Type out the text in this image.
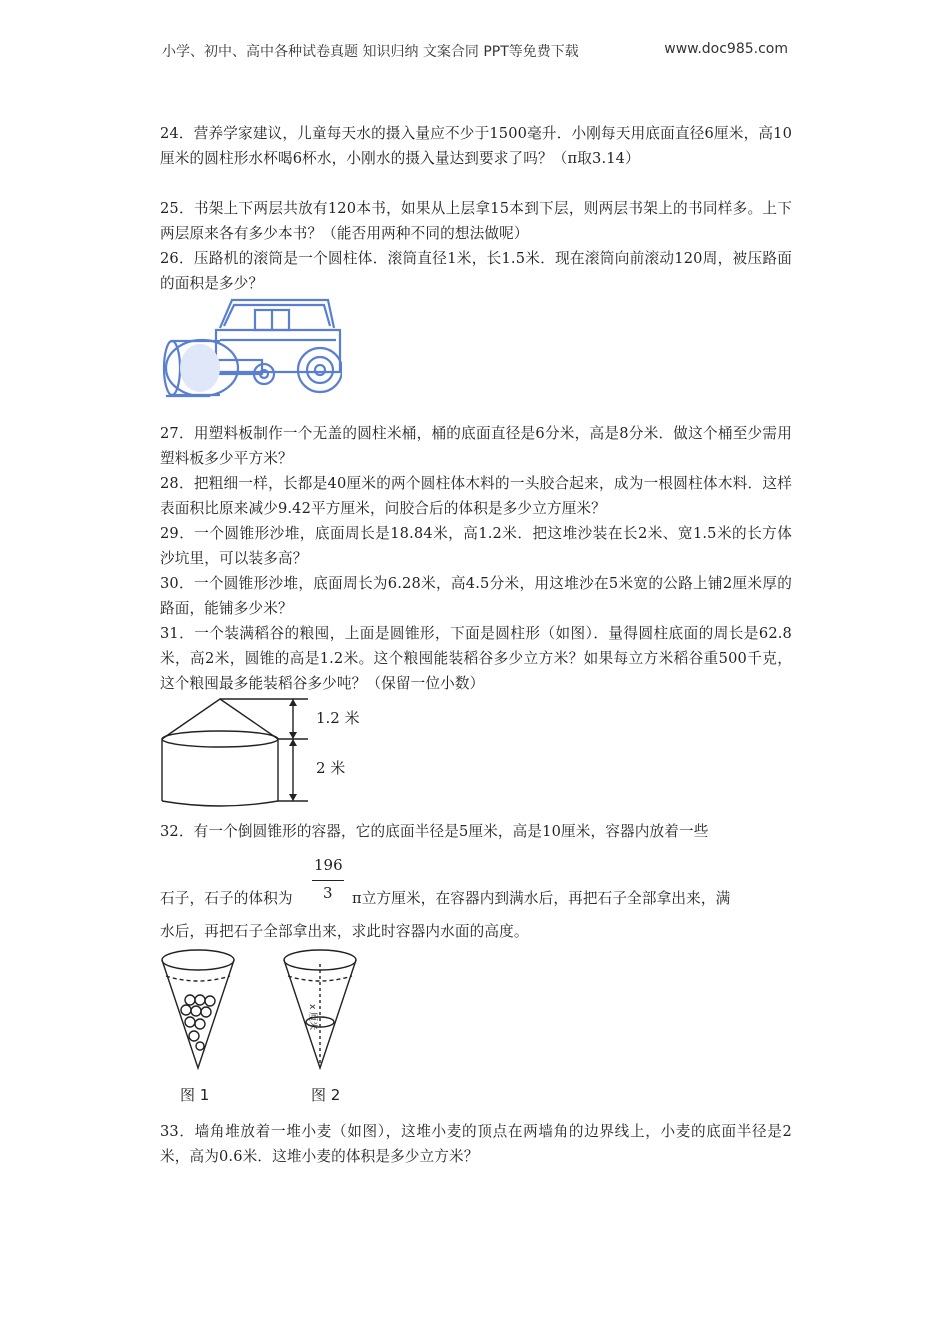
小学、初中、高中各种试卷真题 知识归纳 文案合同 PPT等免费下载	www.doc985.com
24．营养学家建议，儿童每天水的摄入量应不少于1500毫升．小刚每天用底面直径6厘米，高10厘米的圆柱形水杯喝6杯水，小刚水的摄入量达到要求了吗？（π取3.14）
25．书架上下两层共放有120本书，如果从上层拿15本到下层，则两层书架上的书同样多。上下两层原来各有多少本书？（能否用两种不同的想法做呢）
26．压路机的滚筒是一个圆柱体．滚筒直径1米，长1.5米．现在滚筒向前滚动120周，被压路面的面积是多少？
27．用塑料板制作一个无盖的圆柱米桶，桶的底面直径是6分米，高是8分米．做这个桶至少需用塑料板多少平方米？
28．把粗细一样，长都是40厘米的两个圆柱体木料的一头胶合起来，成为一根圆柱体木料．这样表面积比原来减少9.42平方厘米，问胶合后的体积是多少立方厘米？
29．一个圆锥形沙堆，底面周长是18.84米，高1.2米．把这堆沙装在长2米、宽1.5米的长方体沙坑里，可以装多高？
30．一个圆锥形沙堆，底面周长为6.28米，高4.5分米，用这堆沙在5米宽的公路上铺2厘米厚的路面，能铺多少米？
31．一个装满稻谷的粮囤，上面是圆锥形，下面是圆柱形（如图）．量得圆柱底面的周长是62.8米，高2米，圆锥的高是1.2米。这个粮囤能装稻谷多少立方米？如果每立方米稻谷重500千克，这个粮囤最多能装稻谷多少吨？（保留一位小数）
1.2 米
2 米
32．有一个倒圆锥形的容器，它的底面半径是5厘米，高是10厘米，容器内放着一些
196
3
石子，石子的体积为	π立方厘米，在容器内到满水后，再把石子全部拿出来，满
水后，再把石子全部拿出来，求此时容器内水面的高度。
图 1
x 厘米
图 2
33．墙角堆放着一堆小麦（如图），这堆小麦的顶点在两墙角的边界线上，小麦的底面半径是2米，高为0.6米．这堆小麦的体积是多少立方米？
